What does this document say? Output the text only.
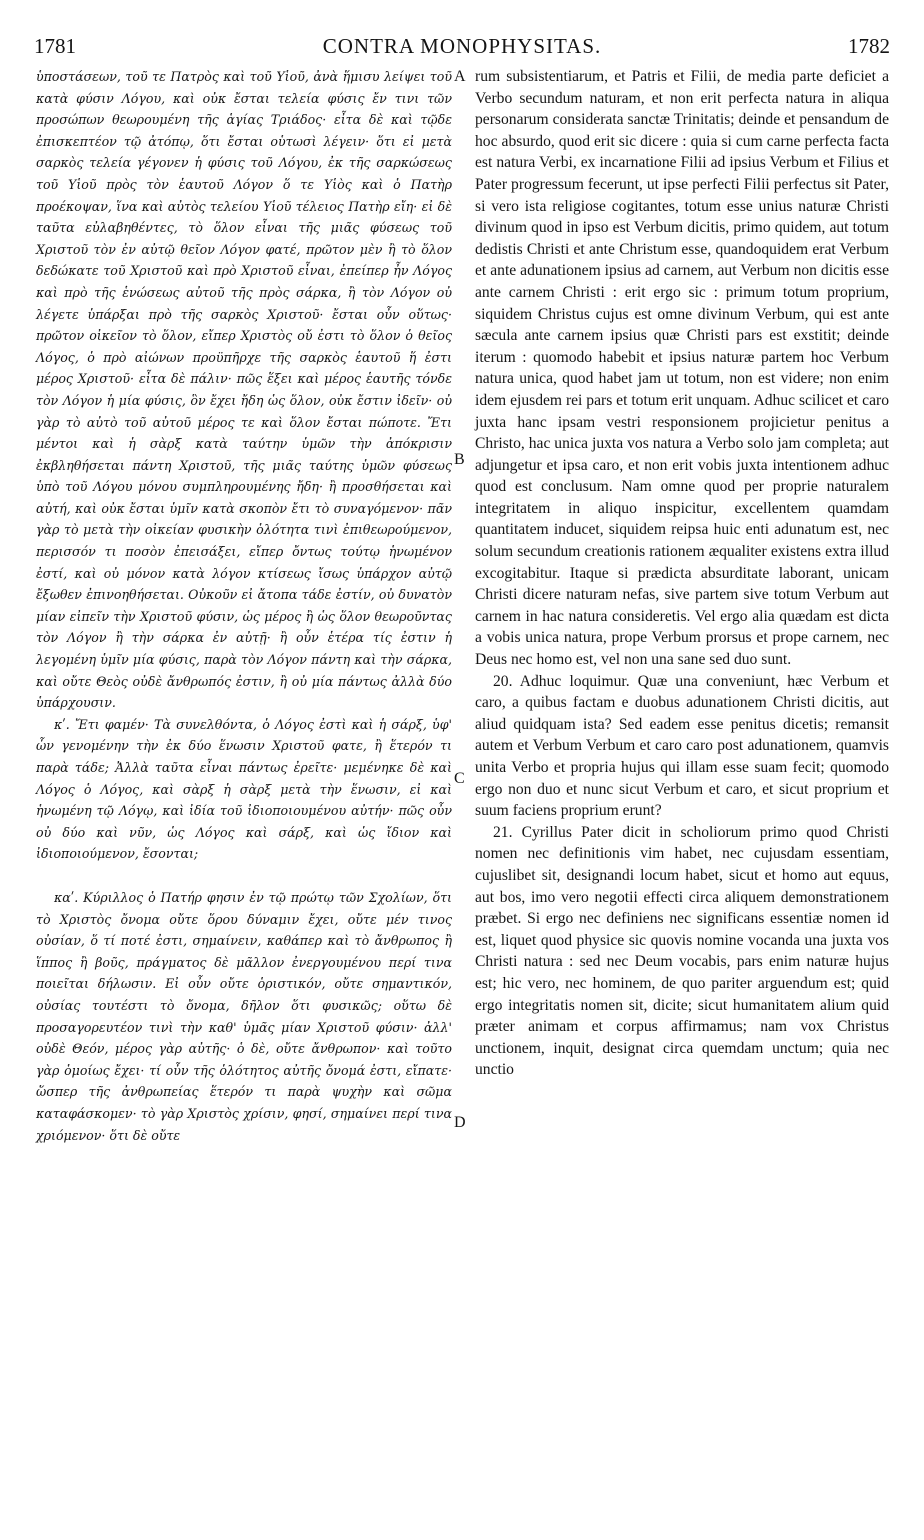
1781	CONTRA MONOPHYSITAS.	1782

ὑποστάσεων, τοῦ τε Πατρὸς καὶ τοῦ Υἱοῦ, ἀνὰ ἥμισυ λείψει τοῦ κατὰ φύσιν Λόγου, καὶ οὐκ ἔσται τελεία φύσις ἔν τινι τῶν προσώπων θεωρουμένη τῆς ἁγίας Τριάδος· εἶτα δὲ καὶ τῷδε ἐπισκεπτέον τῷ ἀτόπῳ, ὅτι ἔσται οὑτωσὶ λέγειν· ὅτι εἰ μετὰ σαρκὸς τελεία γέγονεν ἡ φύσις τοῦ Λόγου, ἐκ τῆς σαρκώσεως τοῦ Υἱοῦ πρὸς τὸν ἑαυτοῦ Λόγον ὅ τε Υἱὸς καὶ ὁ Πατὴρ προέκοψαν, ἵνα καὶ αὐτὸς τελείου Υἱοῦ τέλειος Πατὴρ εἴη· εἰ δὲ ταῦτα εὐλαβηθέντες, τὸ ὅλον εἶναι τῆς μιᾶς φύσεως τοῦ Χριστοῦ τὸν ἐν αὐτῷ θεῖον Λόγον φατέ, πρῶτον μὲν ἢ τὸ ὅλον δεδώκατε τοῦ Χριστοῦ καὶ πρὸ Χριστοῦ εἶναι, ἐπείπερ ἦν Λόγος καὶ πρὸ τῆς ἑνώσεως αὐτοῦ τῆς πρὸς σάρκα, ἢ τὸν Λόγον οὐ λέγετε ὑπάρξαι πρὸ τῆς σαρκὸς Χριστοῦ· ἔσται οὖν οὕτως· πρῶτον οἰκεῖον τὸ ὅλον, εἴπερ Χριστὸς οὔ ἐστι τὸ ὅλον ὁ θεῖος Λόγος, ὁ πρὸ αἰώνων προϋπῆρχε τῆς σαρκὸς ἑαυτοῦ ἥ ἐστι μέρος Χριστοῦ· εἶτα δὲ πάλιν· πῶς ἕξει καὶ μέρος ἑαυτῆς τόνδε τὸν Λόγον ἡ μία φύσις, ὃν ἔχει ἤδη ὡς ὅλον, οὐκ ἔστιν ἰδεῖν· οὐ γὰρ τὸ αὐτὸ τοῦ αὐτοῦ μέρος τε καὶ ὅλον ἔσται πώποτε. Ἔτι μέντοι καὶ ἡ σὰρξ κατὰ ταύτην ὑμῶν τὴν ἀπόκρισιν ἐκβληθήσεται πάντη Χριστοῦ, τῆς μιᾶς ταύτης ὑμῶν φύσεως ὑπὸ τοῦ Λόγου μόνου συμπληρουμένης ἤδη· ἢ προσθήσεται καὶ αὐτή, καὶ οὐκ ἔσται ὑμῖν κατὰ σκοπὸν ἔτι τὸ συναγόμενον· πᾶν γὰρ τὸ μετὰ τὴν οἰκείαν φυσικὴν ὁλότητα τινὶ ἐπιθεωρούμενον, περισσόν τι ποσὸν ἐπεισάξει, εἴπερ ὄντως τούτῳ ἡνωμένον ἐστί, καὶ οὐ μόνον κατὰ λόγον κτίσεως ἴσως ὑπάρχον αὐτῷ ἔξωθεν ἐπινοηθήσεται. Οὐκοῦν εἰ ἄτοπα τάδε ἐστίν, οὐ δυνατὸν μίαν εἰπεῖν τὴν Χριστοῦ φύσιν, ὡς μέρος ἢ ὡς ὅλον θεωροῦντας τὸν Λόγον ἢ τὴν σάρκα ἐν αὐτῇ· ἢ οὖν ἑτέρα τίς ἐστιν ἡ λεγομένη ὑμῖν μία φύσις, παρὰ τὸν Λόγον πάντη καὶ τὴν σάρκα, καὶ οὔτε Θεὸς οὐδὲ ἄνθρωπός ἐστιν, ἢ οὐ μία πάντως ἀλλὰ δύο ὑπάρχουσιν.

κʹ. Ἔτι φαμέν· Τὰ συνελθόντα, ὁ Λόγος ἐστὶ καὶ ἡ σάρξ, ὑφ' ὧν γενομένην τὴν ἐκ δύο ἕνωσιν Χριστοῦ φατε, ἢ ἕτερόν τι παρὰ τάδε; Ἀλλὰ ταῦτα εἶναι πάντως ἐρεῖτε· μεμένηκε δὲ καὶ Λόγος ὁ Λόγος, καὶ σὰρξ ἡ σὰρξ μετὰ τὴν ἕνωσιν, εἰ καὶ ἡνωμένη τῷ Λόγῳ, καὶ ἰδία τοῦ ἰδιοποιουμένου αὐτήν· πῶς οὖν οὐ δύο καὶ νῦν, ὡς Λόγος καὶ σάρξ, καὶ ὡς ἴδιον καὶ ἰδιοποιούμενον, ἔσονται;

καʹ. Κύριλλος ὁ Πατήρ φησιν ἐν τῷ πρώτῳ τῶν Σχολίων, ὅτι τὸ Χριστὸς ὄνομα οὔτε ὅρου δύναμιν ἔχει, οὔτε μέν τινος οὐσίαν, ὅ τί ποτέ ἐστι, σημαίνειν, καθάπερ καὶ τὸ ἄνθρωπος ἢ ἵππος ἢ βοῦς, πράγματος δὲ μᾶλλον ἐνεργουμένου περί τινα ποιεῖται δήλωσιν. Εἰ οὖν οὔτε ὁριστικόν, οὔτε σημαντικόν, οὐσίας τουτέστι τὸ ὄνομα, δῆλον ὅτι φυσικῶς; οὕτω δὲ προσαγορευτέον τινὶ τὴν καθ' ὑμᾶς μίαν Χριστοῦ φύσιν· ἀλλ' οὐδὲ Θεόν, μέρος γὰρ αὐτῆς· ὁ δὲ, οὔτε ἄνθρωπον· καὶ τοῦτο γὰρ ὁμοίως ἔχει· τί οὖν τῆς ὁλότητος αὐτῆς ὄνομά ἐστι, εἴπατε· ὥσπερ τῆς ἀνθρωπείας ἕτερόν τι παρὰ ψυχὴν καὶ σῶμα καταφάσκομεν· τὸ γὰρ Χριστὸς χρίσιν, φησί, σημαίνει περί τινα χριόμενον· ὅτι δὲ οὔτε

A
B
C
D

rum subsistentiarum, et Patris et Filii, de media parte deficiet a Verbo secundum naturam, et non erit perfecta natura in aliqua personarum considerata sanctæ Trinitatis; deinde et pensandum de hoc absurdo, quod erit sic dicere : quia si cum carne perfecta facta est natura Verbi, ex incarnatione Filii ad ipsius Verbum et Filius et Pater progressum fecerunt, ut ipse perfecti Filii perfectus sit Pater, si vero ista religiose cogitantes, totum esse unius naturæ Christi divinum quod in ipso est Verbum dicitis, primo quidem, aut totum dedistis Christi et ante Christum esse, quandoquidem erat Verbum et ante adunationem ipsius ad carnem, aut Verbum non dicitis esse ante carnem Christi : erit ergo sic : primum totum proprium, siquidem Christus cujus est omne divinum Verbum, qui est ante sæcula ante carnem ipsius quæ Christi pars est exstitit; deinde iterum : quomodo habebit et ipsius naturæ partem hoc Verbum natura unica, quod habet jam ut totum, non est videre; non enim idem ejusdem rei pars et totum erit unquam. Adhuc scilicet et caro juxta hanc ipsam vestri responsionem projicietur penitus a Christo, hac unica juxta vos natura a Verbo solo jam completa; aut adjungetur et ipsa caro, et non erit vobis juxta intentionem adhuc quod est conclusum. Nam omne quod per proprie naturalem integritatem in aliquo inspicitur, excellentem quamdam quantitatem inducet, siquidem reipsa huic enti adunatum est, nec solum secundum creationis rationem æqualiter existens extra illud excogitabitur. Itaque si prædicta absurditate laborant, unicam Christi dicere naturam nefas, sive partem sive totum Verbum aut carnem in hac natura consideretis. Vel ergo alia quædam est dicta a vobis unica natura, prope Verbum prorsus et prope carnem, nec Deus nec homo est, vel non una sane sed duo sunt.

20. Adhuc loquimur. Quæ una conveniunt, hæc Verbum et caro, a quibus factam e duobus adunationem Christi dicitis, aut aliud quidquam ista? Sed eadem esse penitus dicetis; remansit autem et Verbum Verbum et caro caro post adunationem, quamvis unita Verbo et propria hujus qui illam esse suam fecit; quomodo ergo non duo et nunc sicut Verbum et caro, et sicut proprium et suum faciens proprium erunt?

21. Cyrillus Pater dicit in scholiorum primo quod Christi nomen nec definitionis vim habet, nec cujusdam essentiam, cujuslibet sit, designandi locum habet, sicut et homo aut equus, aut bos, imo vero negotii effecti circa aliquem demonstrationem præbet. Si ergo nec definiens nec significans essentiæ nomen id est, liquet quod physice sic quovis nomine vocanda una juxta vos Christi natura : sed nec Deum vocabis, pars enim naturæ hujus est; hic vero, nec hominem, de quo pariter arguendum est; quid ergo integritatis nomen sit, dicite; sicut humanitatem alium quid præter animam et corpus affirmamus; nam vox Christus unctionem, inquit, designat circa quemdam unctum; quia nec unctio
